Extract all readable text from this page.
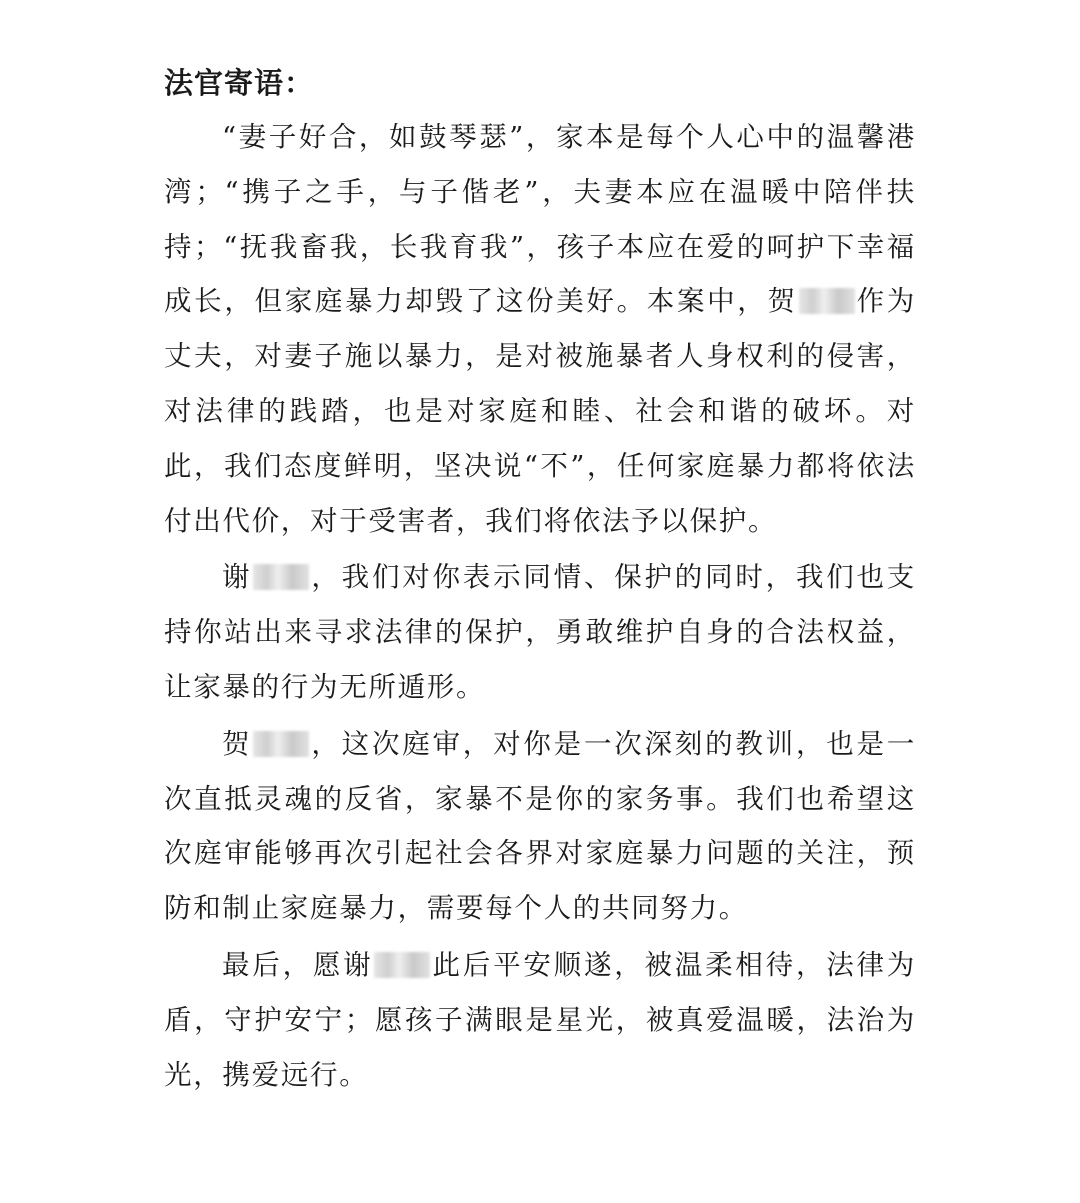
法官寄语：

“妻子好合，如鼓琴瑟”，家本是每个人心中的温馨港湾；“携子之手，与子偕老”，夫妻本应在温暖中陪伴扶持；“抚我畜我，长我育我”，孩子本应在爱的呵护下幸福成长，但家庭暴力却毁了这份美好。本案中，贺 作为丈夫，对妻子施以暴力，是对被施暴者人身权利的侵害，对法律的践踏，也是对家庭和睦、社会和谐的破坏。对此，我们态度鲜明，坚决说“不”，任何家庭暴力都将依法付出代价，对于受害者，我们将依法予以保护。

谢 ，我们对你表示同情、保护的同时，我们也支持你站出来寻求法律的保护，勇敢维护自身的合法权益，让家暴的行为无所遁形。

贺 ，这次庭审，对你是一次深刻的教训，也是一次直抵灵魂的反省，家暴不是你的家务事。我们也希望这次庭审能够再次引起社会各界对家庭暴力问题的关注，预防和制止家庭暴力，需要每个人的共同努力。

最后，愿谢 此后平安顺遂，被温柔相待，法律为盾，守护安宁；愿孩子满眼是星光，被真爱温暖，法治为光，携爱远行。
